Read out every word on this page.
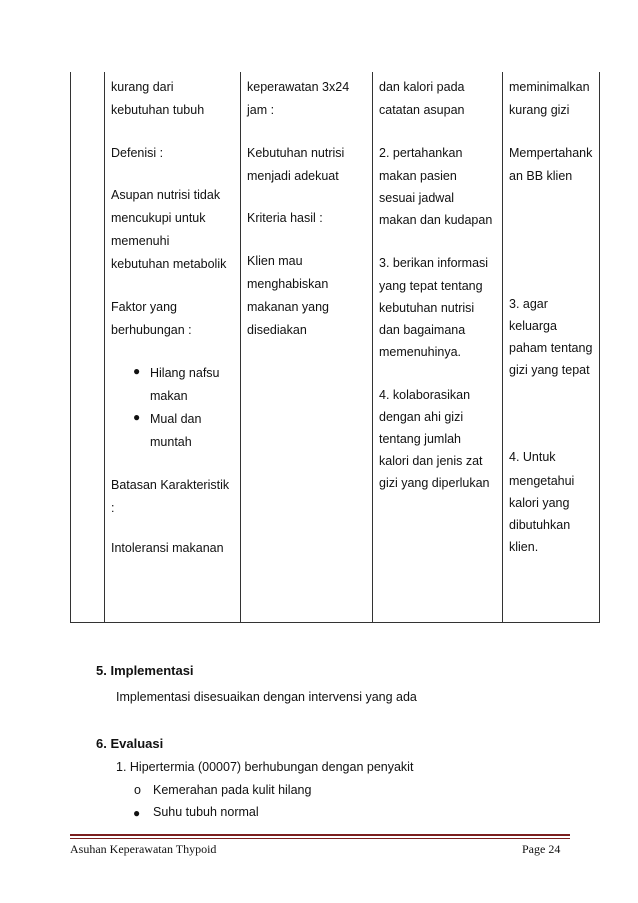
kurang dari
kebutuhan tubuh
Defenisi :
Asupan nutrisi tidak
mencukupi untuk
memenuhi
kebutuhan metabolik
Faktor yang
berhubungan :
● Hilang nafsu
makan
● Mual dan
muntah
Batasan Karakteristik
:
Intoleransi makanan
keperawatan 3x24
jam :
Kebutuhan nutrisi
menjadi adekuat
Kriteria hasil :
Klien mau
menghabiskan
makanan yang
disediakan
dan kalori pada
catatan asupan
2. pertahankan
makan pasien
sesuai jadwal
makan dan kudapan
3. berikan informasi
yang tepat tentang
kebutuhan nutrisi
dan bagaimana
memenuhinya.
4. kolaborasikan
dengan ahi gizi
tentang jumlah
kalori dan jenis zat
gizi yang diperlukan
meminimalkan
kurang gizi
Mempertahank
an BB klien
3. agar
keluarga
paham tentang
gizi yang tepat
4. Untuk
mengetahui
kalori yang
dibutuhkan
klien.
5. Implementasi
Implementasi disesuaikan dengan intervensi yang ada
6. Evaluasi
1. Hipertermia (00007) berhubungan dengan penyakit
o Kemerahan pada kulit hilang
● Suhu tubuh normal
Asuhan Keperawatan Thypoid	Page 24
